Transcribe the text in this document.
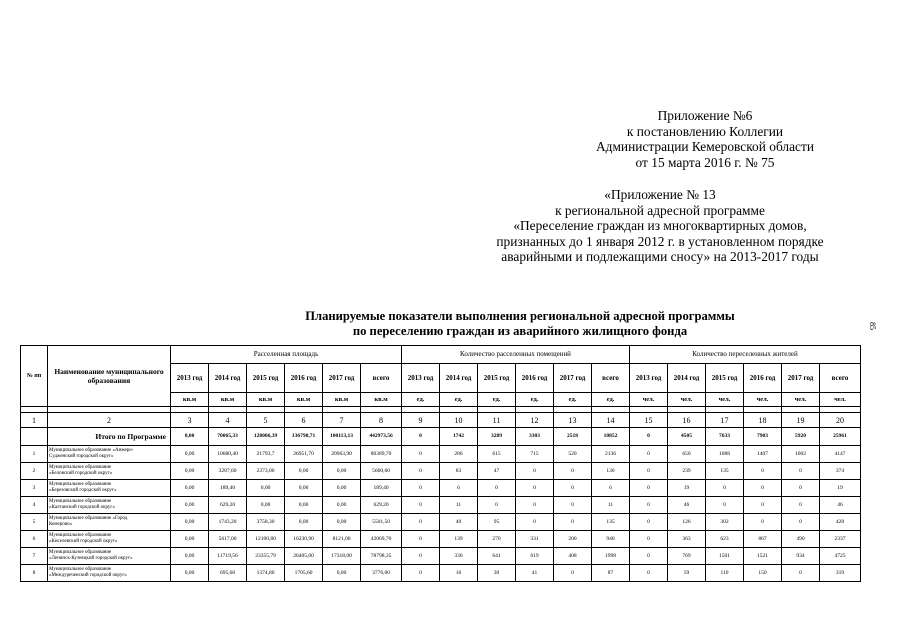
Приложение №6
к постановлению Коллегии
Администрации Кемеровской области
от 15 марта 2016 г. № 75
«Приложение № 13
к региональной адресной программе
«Переселение граждан из многоквартирных домов,
признанных до 1 января 2012 г. в установленном порядке
аварийными и подлежащими сносу» на 2013-2017 годы
Планируемые показатели выполнения региональной адресной программы
по переселению граждан из аварийного жилищного фонда	85
№ пп	Наименование муниципального образования	Расселенная площадь						Количество расселенных помещений						Количество переселенных жителей					
		2013 год	2014 год	2015 год	2016 год	2017 год	всего	2013 год	2014 год	2015 год	2016 год	2017 год	всего	2013 год	2014 год	2015 год	2016 год	2017 год	всего
		кв.м	кв.м	кв.м	кв.м	кв.м	кв.м	ед.	ед.	ед.	ед.	ед.	ед.	чел.	чел.	чел.	чел.	чел.	чел.

1	2	3	4	5	6	7	8	9	10	11	12	13	14	15	16	17	18	19	20
	Итого по Программе	0,00	70065,33	128006,39	136798,71	100113,13	442973,56	0	1742	3289	3303	2518	10852	0	4505	7633	7903	5920	25961
1	Муниципальное образование «Анжеро-
Судженский городской округ»	0,00	10680,40	21793,7	26951,70	20963,90	80389,70	0	286	615	715	520	2136	0	650	1088	1407	1002	4147
2	Муниципальное образование
«Беловский городской округ»	0,00	3287,60	2373,00	0,00	0,00	5660,60	0	83	47	0	0	130	0	239	135	0	0	374
3	Муниципальное образование
«Березовский городской округ»	0,00	189,40	0,00	0,00	0,00	189,40	0	6	0	0	0	6	0	19	0	0	0	19
4	Муниципальное образование
«Калтанский городской округ»	0,00	629,20	0,00	0,00	0,00	629,20	0	11	0	0	0	11	0	46	0	0	0	46
5	Муниципальное образование «Город
Кемерово»	0,00	1743,20	3758,30	0,00	0,00	5501,50	0	40	95	0	0	135	0	126	302	0	0	428
6	Муниципальное образование
«Киселевский городской округ»	0,00	5617,00	12100,80	16230,90	8121,00	42069,70	0	139	270	331	200	940	0	363	623	867	490	2337
7	Муниципальное образование
«Ленинск-Кузнецкий городской округ»	0,00	11719,56	23355,79	26405,00	17318,00	78798,35	0	330	641	619	408	1998	0	769	1501	1521	934	4725
8	Муниципальное образование
«Междуреченский городской округ»	0,00	695,60	1374,80	1705,60	0,00	3776,00	0	16	30	41	0	87	0	59	110	150	0	319
